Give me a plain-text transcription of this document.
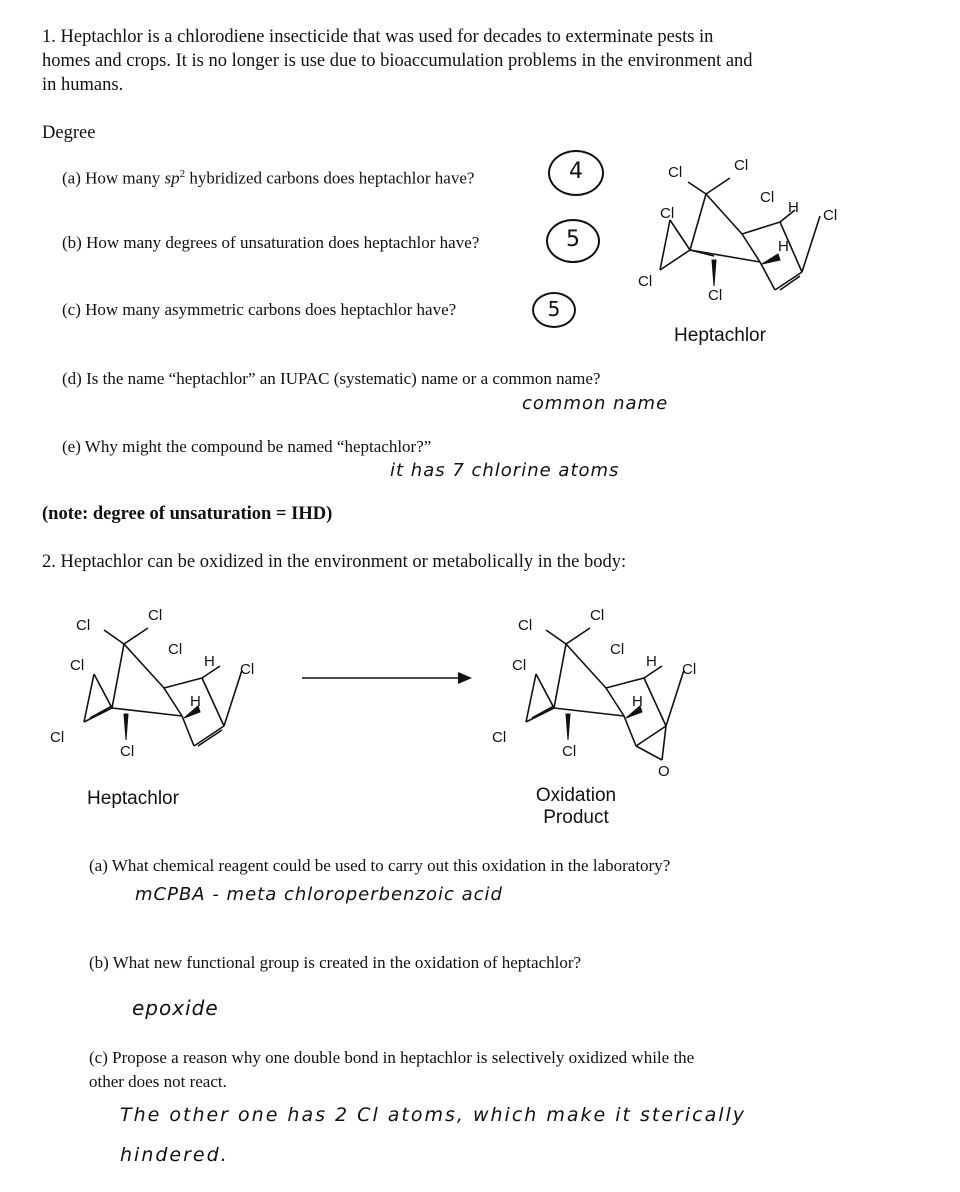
1. Heptachlor is a chlorodiene insecticide that was used for decades to exterminate pests in
homes and crops. It is no longer is use due to bioaccumulation problems in the environment and
in humans.
Degree
(a) How many $sp^2$ hybridized carbons does heptachlor have?	4
(b) How many degrees of unsaturation does heptachlor have?	5
(c) How many asymmetric carbons does heptachlor have?	5
(d) Is the name “heptachlor” an IUPAC (systematic) name or a common name?
common name
(e) Why might the compound be named “heptachlor?”
it has 7 chlorine atoms
(note: degree of unsaturation = IHD)
Cl	Cl
Cl
Cl
H Cl
H
Cl
Cl
Heptachlor
2. Heptachlor can be oxidized in the environment or metabolically in the body:
Cl
Cl
Cl
Cl
H Cl
H
Cl
Cl
Heptachlor
Cl
Cl
Cl
Cl
H Cl
H
Cl
Cl
O
Oxidation
Product
(a) What chemical reagent could be used to carry out this oxidation in the laboratory?
mCPBA - meta chloroperbenzoic acid
(b) What new functional group is created in the oxidation of heptachlor?
epoxide
(c) Propose a reason why one double bond in heptachlor is selectively oxidized while the
other does not react.
The other one has 2 Cl atoms, which make it sterically
hindered.
